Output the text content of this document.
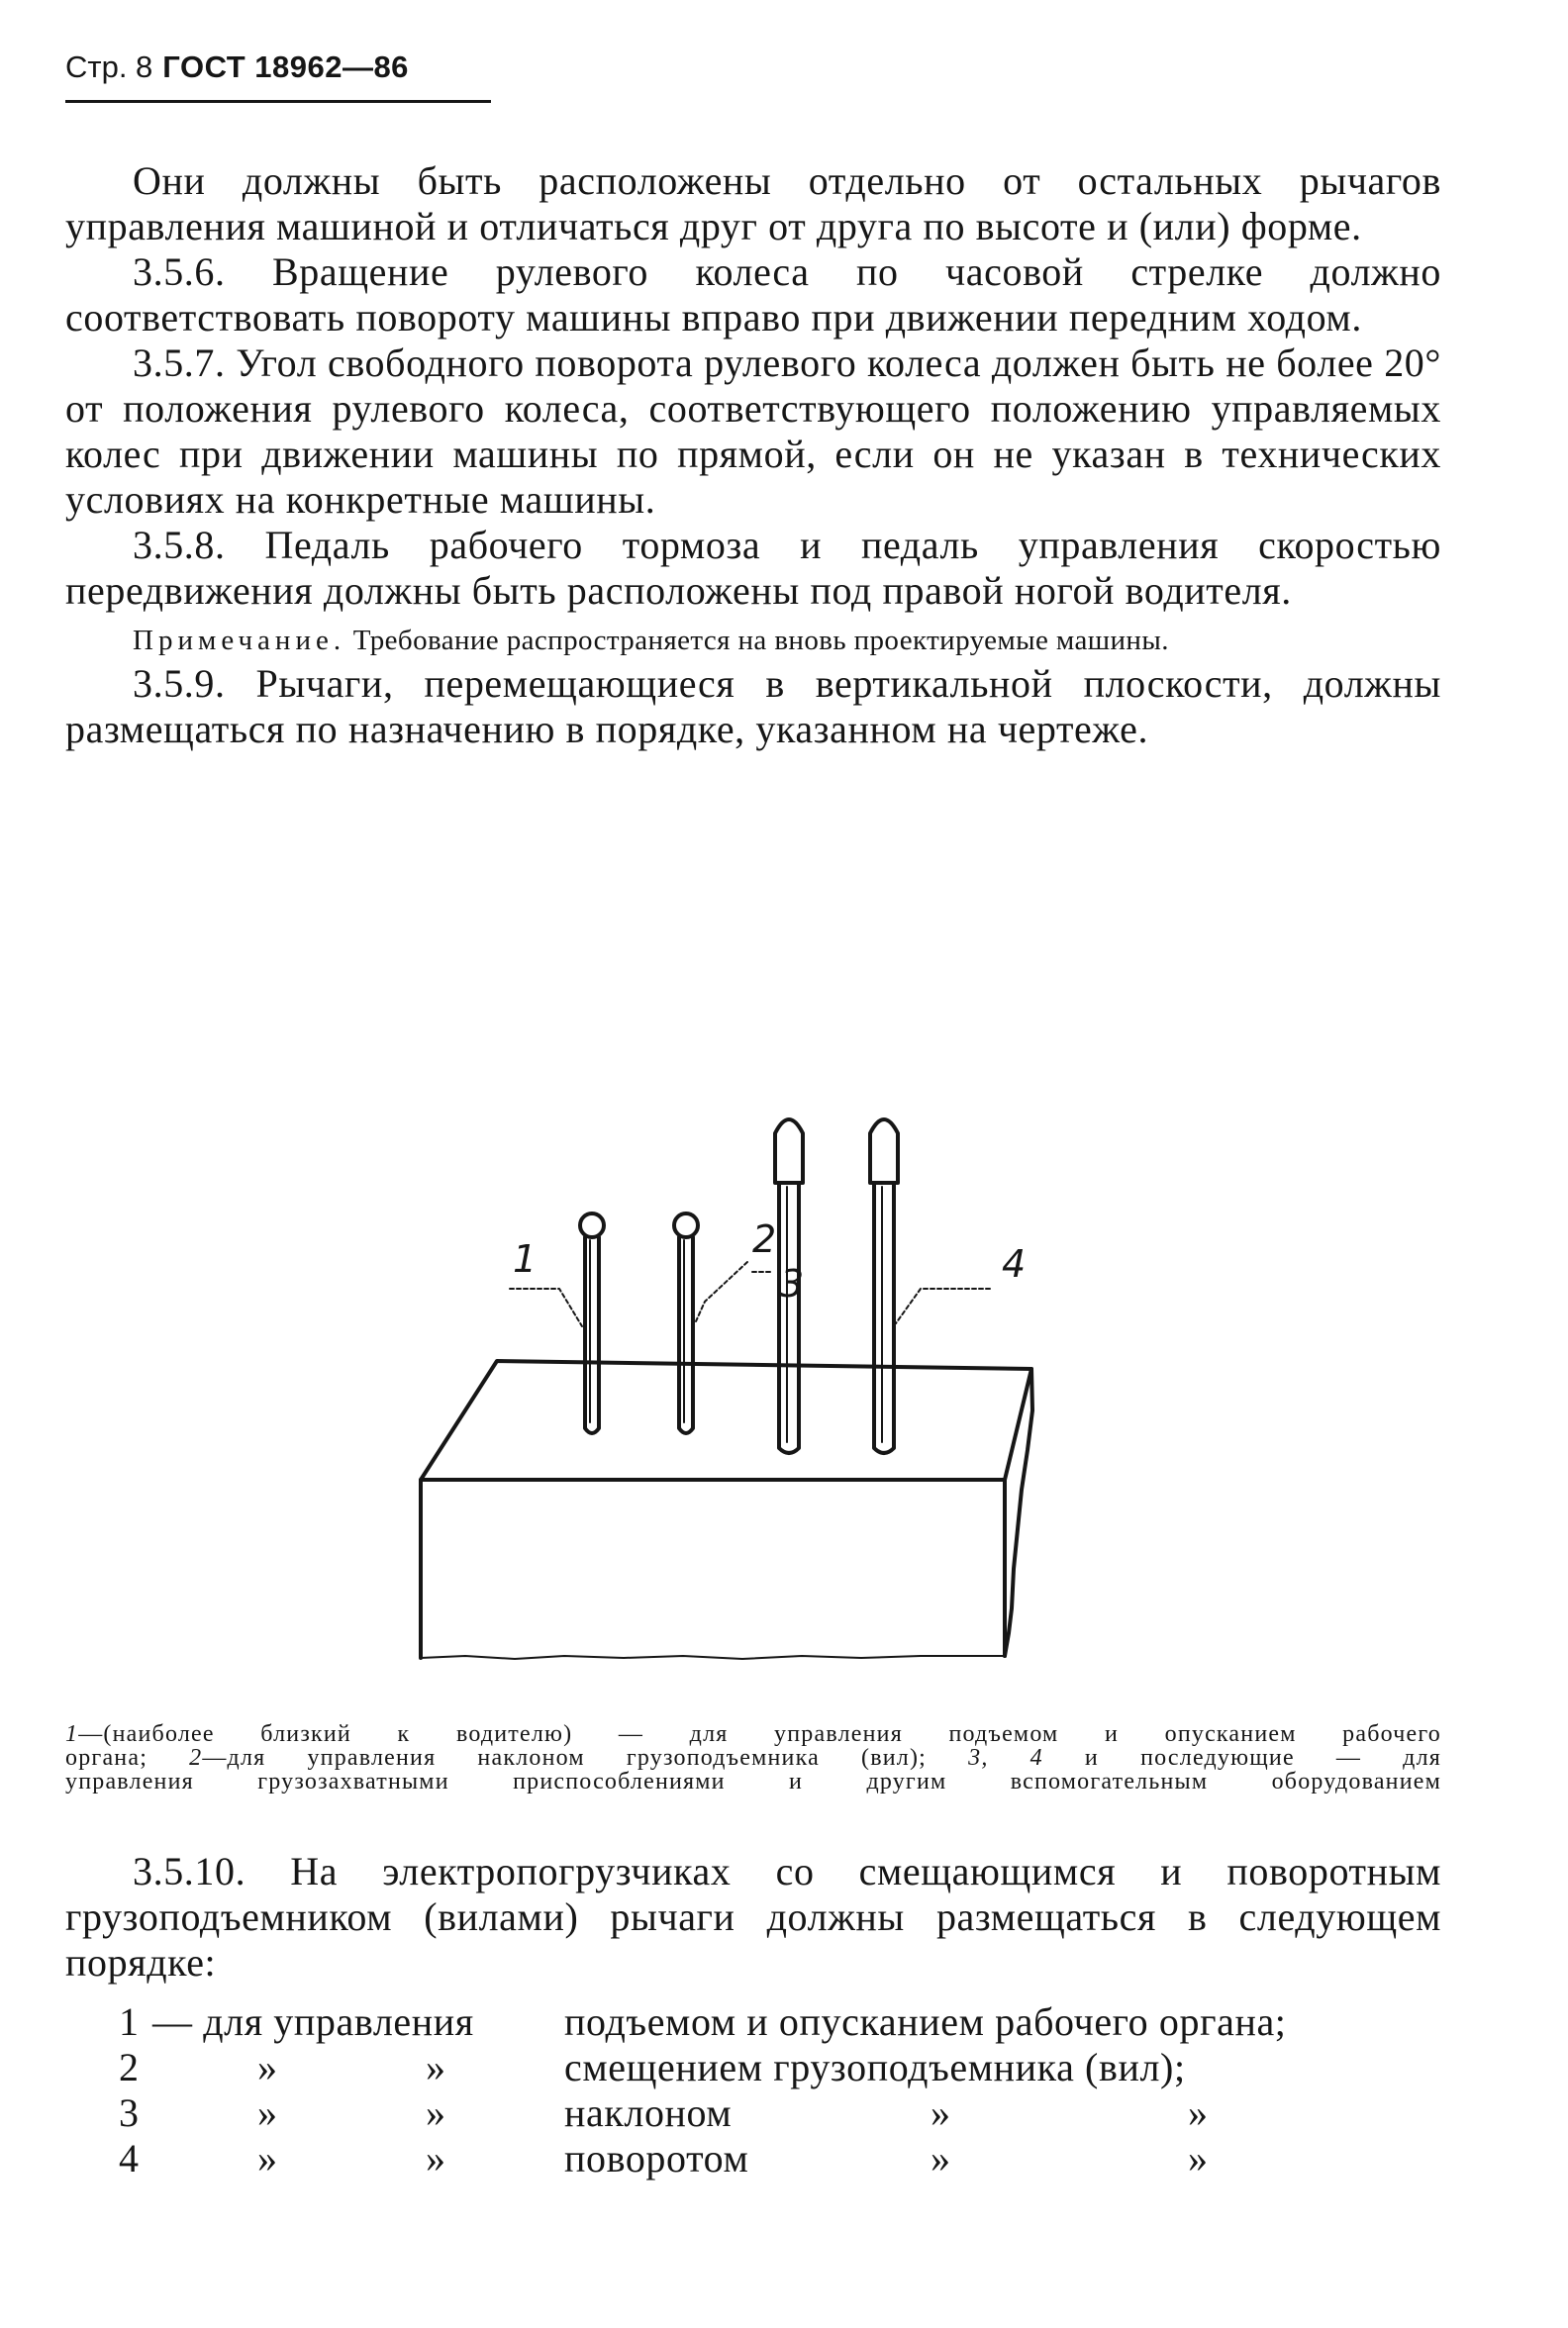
Стр. 8 ГОСТ 18962—86

Они должны быть расположены отдельно от остальных рычагов управления машиной и отличаться друг от друга по высоте и (или) форме.

3.5.6. Вращение рулевого колеса по часовой стрелке должно соответствовать повороту машины вправо при движении передним ходом.

3.5.7. Угол свободного поворота рулевого колеса должен быть не более 20° от положения рулевого колеса, соответствующего положению управляемых колес при движении машины по прямой, если он не указан в технических условиях на конкретные машины.

3.5.8. Педаль рабочего тормоза и педаль управления скоростью передвижения должны быть расположены под правой ногой водителя.

Примечание. Требование распространяется на вновь проектируемые машины.

3.5.9. Рычаги, перемещающиеся в вертикальной плоскости, должны размещаться по назначению в порядке, указанном на чертеже.

1	2
3	4
1—(наиболее близкий к водителю) — для управления подъемом и опусканием рабочего
органа; 2—для управления наклоном грузоподъемника (вил); 3, 4 и последующие — для
управления грузозахватными приспособлениями и другим вспомогательным оборудованием

3.5.10. На электропогрузчиках со смещающимся и поворотным грузоподъемником (вилами) рычаги должны размещаться в следующем порядке:

1 — для управления подъемом и опусканием рабочего органа;
2	»	»	смещением грузоподъемника (вил);
3	»	»	наклоном	»	»
4	»	»	поворотом	»	»
